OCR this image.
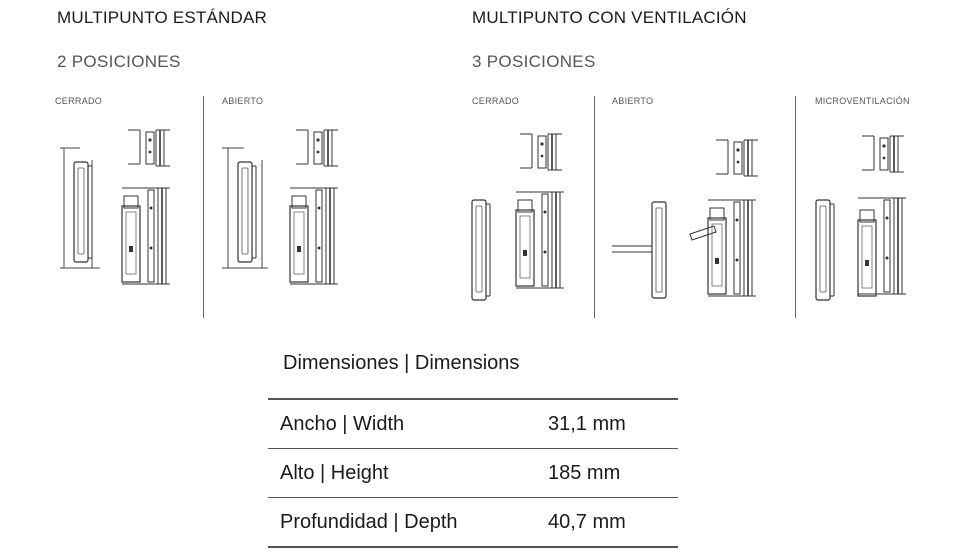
MULTIPUNTO ESTÁNDAR
2 POSICIONES
MULTIPUNTO CON VENTILACIÓN
3 POSICIONES
CERRADO	ABIERTO	CERRADO	ABIERTO	MICROVENTILACIÓN
Dimensiones | Dimensions
Ancho | Width	31,1 mm
Alto | Height	185 mm
Profundidad | Depth	40,7 mm
